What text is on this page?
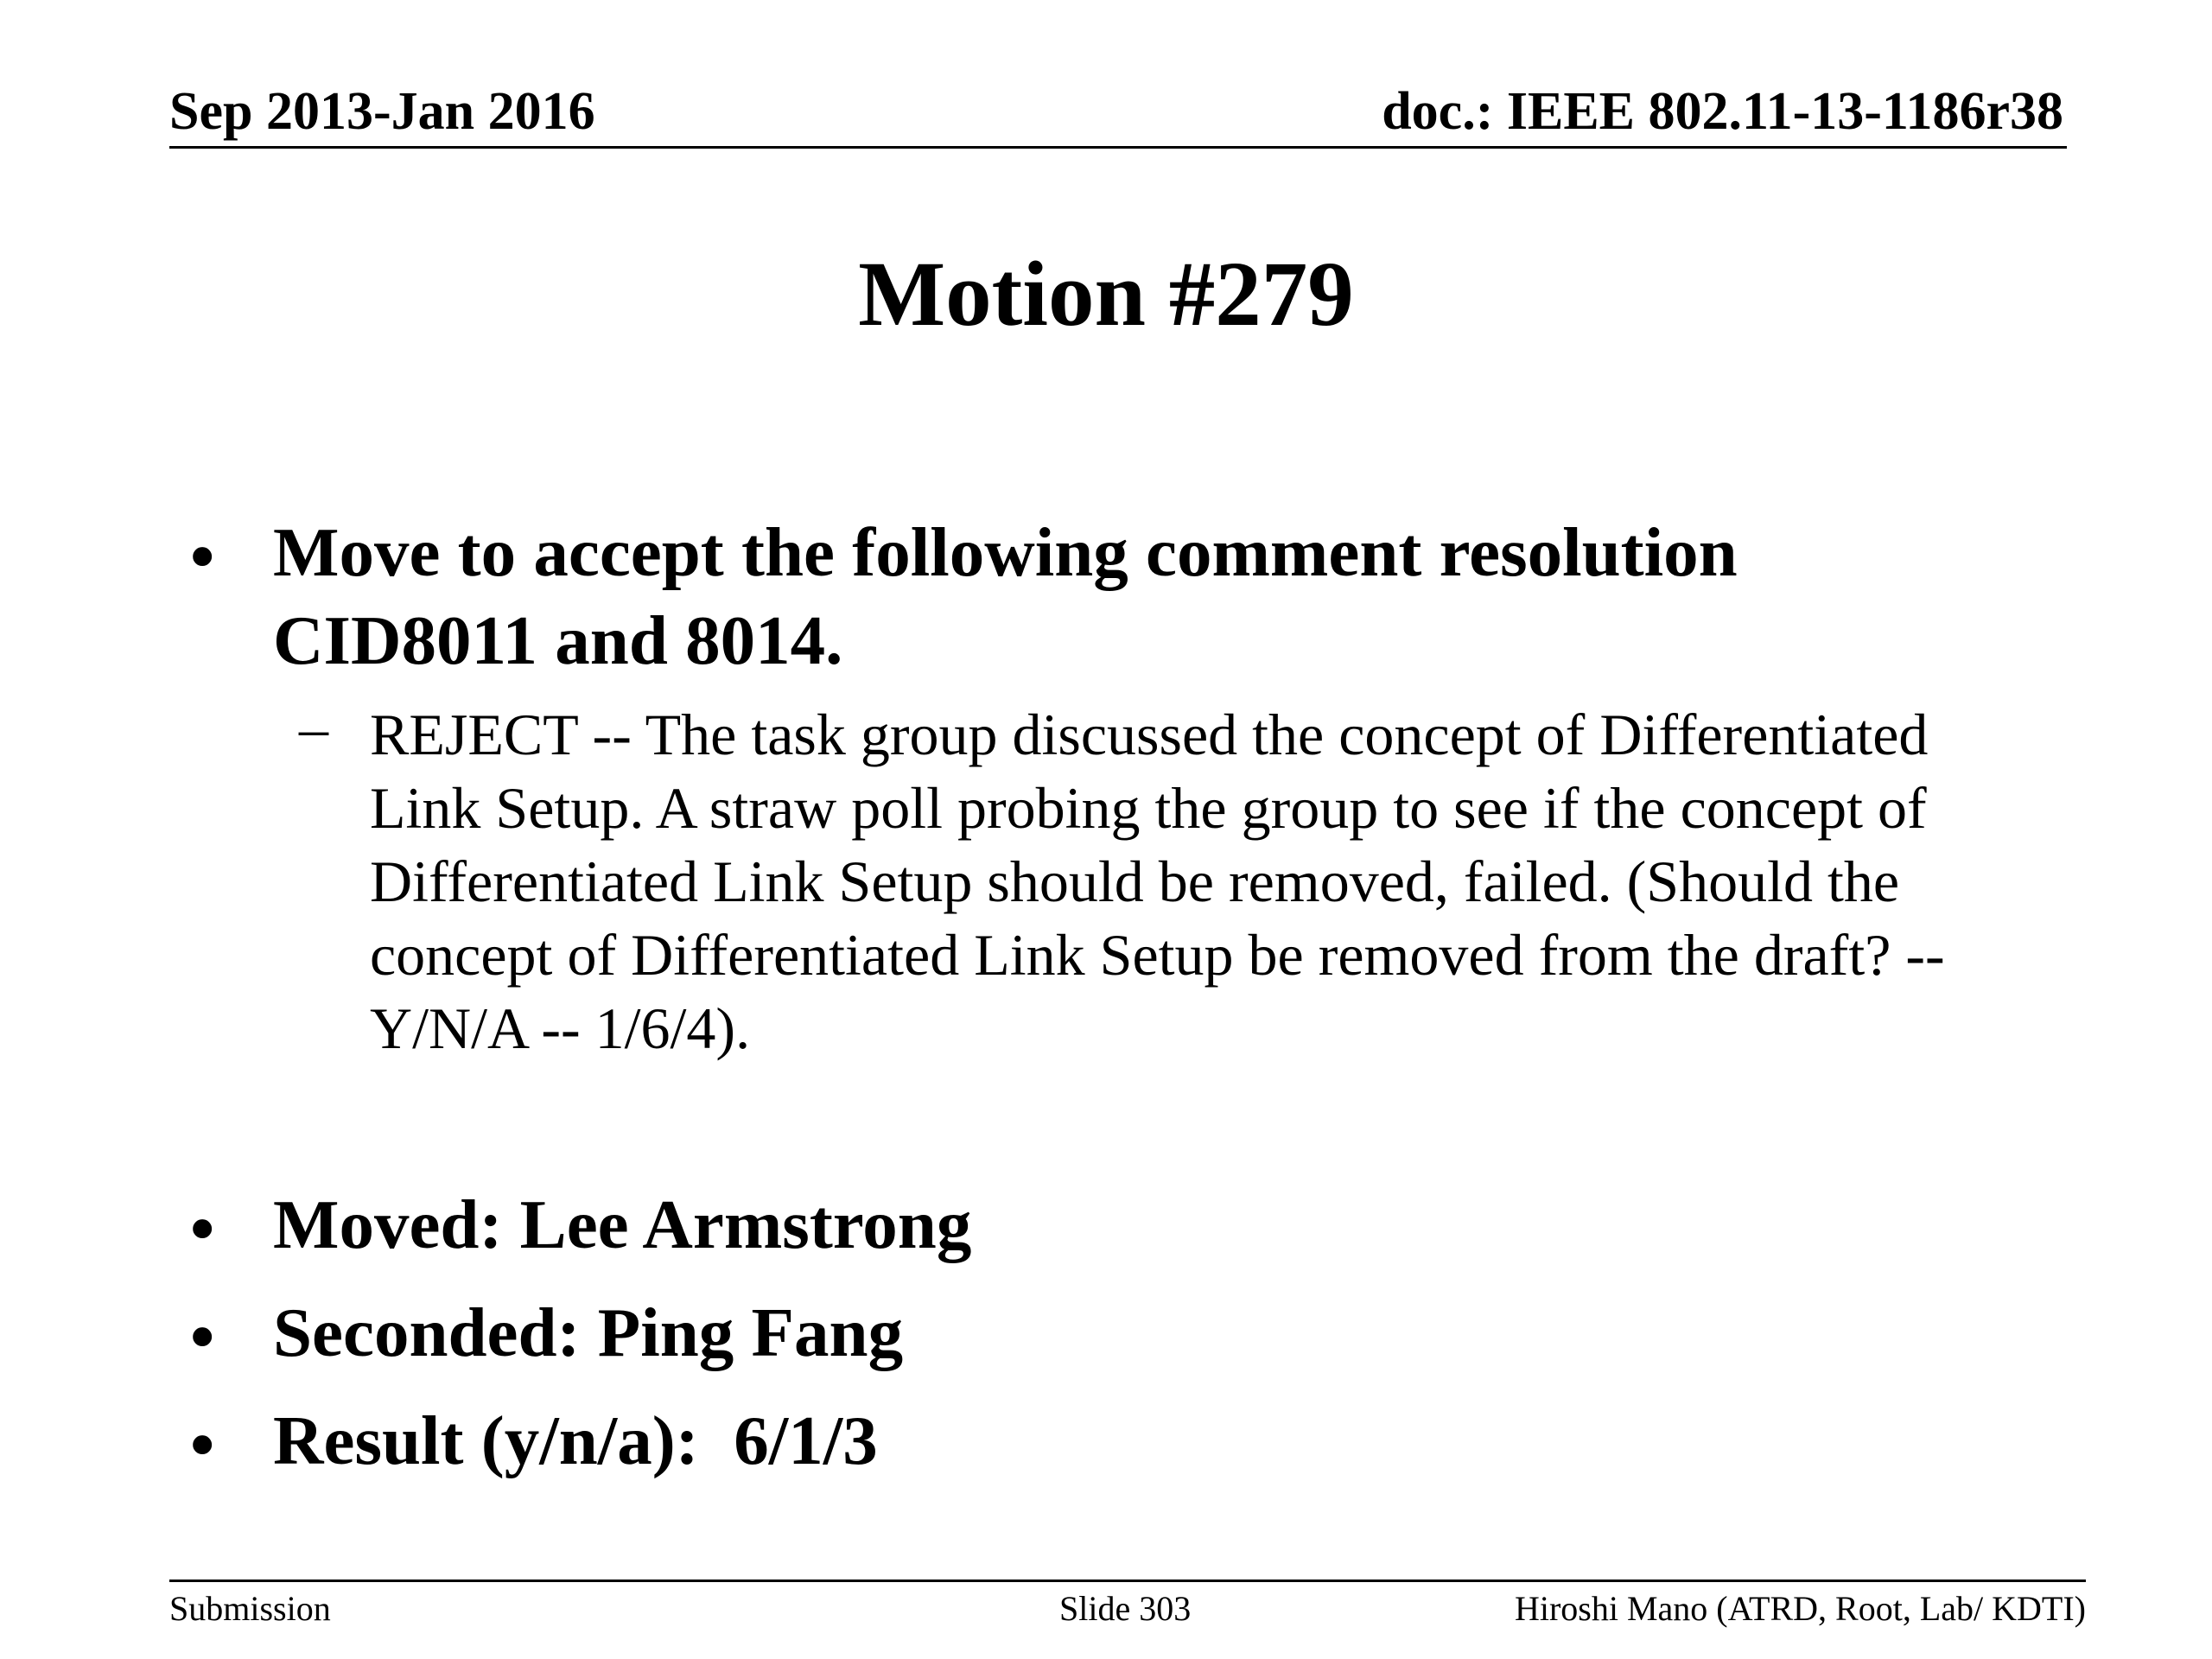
Sep 2013-Jan 2016	doc.: IEEE 802.11-13-1186r38
Motion #279
• Move to accept the following comment resolution
CID8011 and 8014.
– REJECT -- The task group discussed the concept of Differentiated
Link Setup. A straw poll probing the group to see if the concept of
Differentiated Link Setup should be removed, failed. (Should the
concept of Differentiated Link Setup be removed from the draft? --
Y/N/A -- 1/6/4).
• Moved: Lee Armstrong
• Seconded: Ping Fang
• Result (y/n/a):  6/1/3
Submission	Slide 303	Hiroshi Mano (ATRD, Root, Lab/ KDTI)
